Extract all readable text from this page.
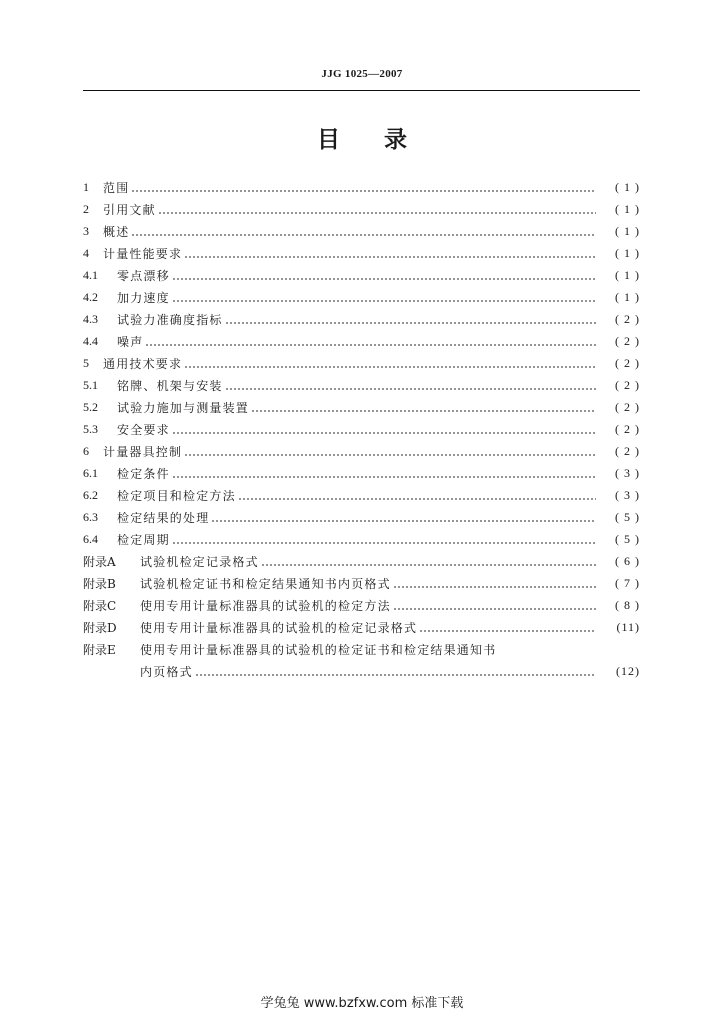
JJG 1025—2007
目 录
1	范围	( 1 )
2	引用文献	( 1 )
3	概述	( 1 )
4	计量性能要求	( 1 )
4.1	零点漂移	( 1 )
4.2	加力速度	( 1 )
4.3	试验力准确度指标	( 2 )
4.4	噪声	( 2 )
5	通用技术要求	( 2 )
5.1	铭牌、机架与安装	( 2 )
5.2	试验力施加与测量装置	( 2 )
5.3	安全要求	( 2 )
6	计量器具控制	( 2 )
6.1	检定条件	( 3 )
6.2	检定项目和检定方法	( 3 )
6.3	检定结果的处理	( 5 )
6.4	检定周期	( 5 )
附录A	试验机检定记录格式	( 6 )
附录B	试验机检定证书和检定结果通知书内页格式	( 7 )
附录C	使用专用计量标准器具的试验机的检定方法	( 8 )
附录D	使用专用计量标准器具的试验机的检定记录格式	(11)
附录E	使用专用计量标准器具的试验机的检定证书和检定结果通知书
内页格式	(12)
学兔兔 www.bzfxw.com 标准下载
